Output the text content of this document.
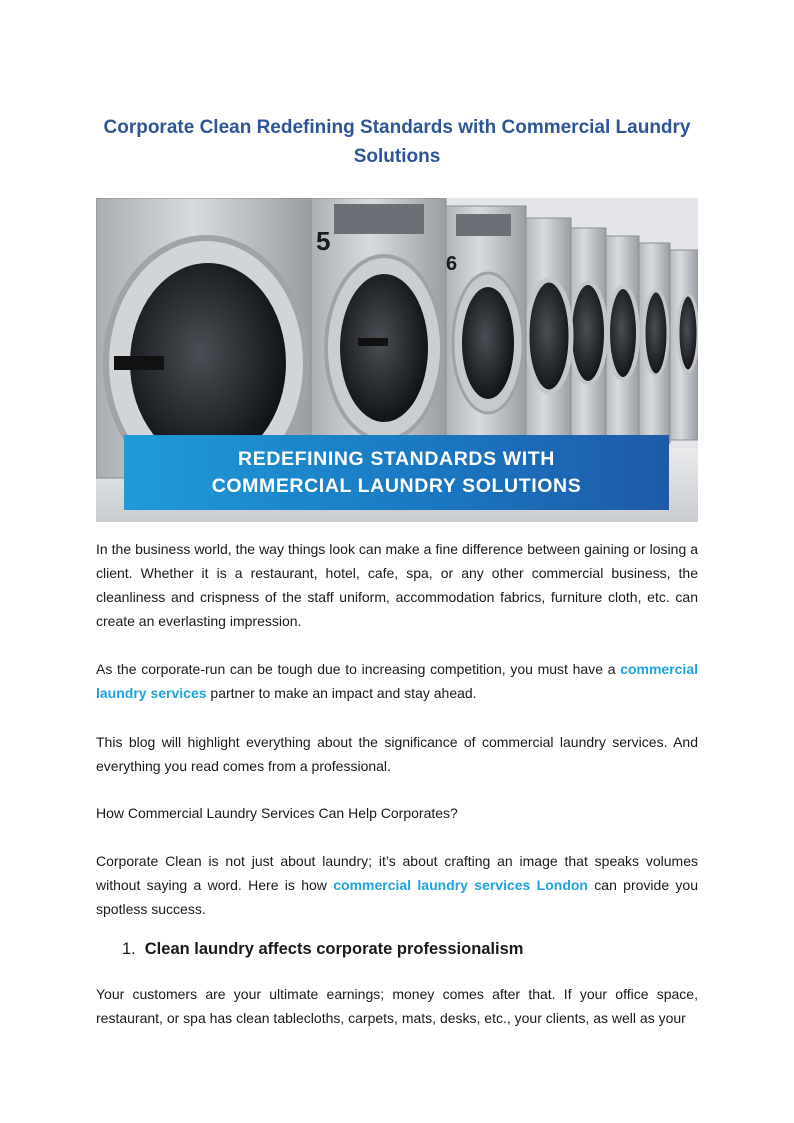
Corporate Clean Redefining Standards with Commercial Laundry Solutions
5
6
REDEFINING STANDARDS WITH
COMMERCIAL LAUNDRY SOLUTIONS

In the business world, the way things look can make a fine difference between gaining or losing a client. Whether it is a restaurant, hotel, cafe, spa, or any other commercial business, the cleanliness and crispness of the staff uniform, accommodation fabrics, furniture cloth, etc. can create an everlasting impression.

As the corporate-run can be tough due to increasing competition, you must have a commercial laundry services partner to make an impact and stay ahead.

This blog will highlight everything about the significance of commercial laundry services. And everything you read comes from a professional.

How Commercial Laundry Services Can Help Corporates?

Corporate Clean is not just about laundry; it’s about crafting an image that speaks volumes without saying a word. Here is how commercial laundry services London can provide you spotless success.

1. Clean laundry affects corporate professionalism

Your customers are your ultimate earnings; money comes after that. If your office space, restaurant, or spa has clean tablecloths, carpets, mats, desks, etc., your clients, as well as your
